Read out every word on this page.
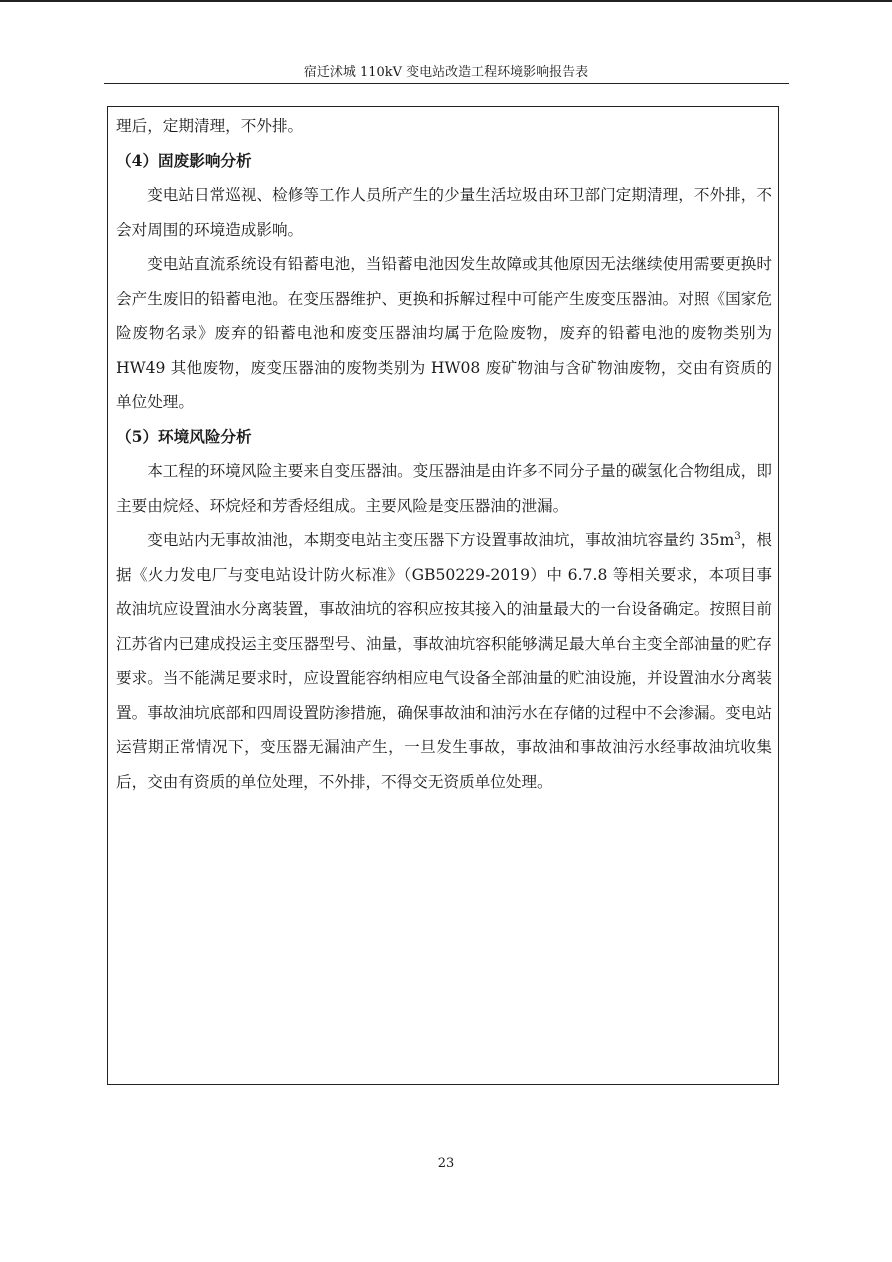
宿迁沭城 110kV 变电站改造工程环境影响报告表

理后，定期清理，不外排。

（4）固废影响分析

变电站日常巡视、检修等工作人员所产生的少量生活垃圾由环卫部门定期清理，不外排，不会对周围的环境造成影响。

变电站直流系统设有铅蓄电池，当铅蓄电池因发生故障或其他原因无法继续使用需要更换时会产生废旧的铅蓄电池。在变压器维护、更换和拆解过程中可能产生废变压器油。对照《国家危险废物名录》废弃的铅蓄电池和废变压器油均属于危险废物，废弃的铅蓄电池的废物类别为 HW49 其他废物，废变压器油的废物类别为 HW08 废矿物油与含矿物油废物，交由有资质的单位处理。

（5）环境风险分析

本工程的环境风险主要来自变压器油。变压器油是由许多不同分子量的碳氢化合物组成，即主要由烷烃、环烷烃和芳香烃组成。主要风险是变压器油的泄漏。

变电站内无事故油池，本期变电站主变压器下方设置事故油坑，事故油坑容量约 $35m^3$，根据《火力发电厂与变电站设计防火标准》（GB50229-2019）中 6.7.8 等相关要求，本项目事故油坑应设置油水分离装置，事故油坑的容积应按其接入的油量最大的一台设备确定。按照目前江苏省内已建成投运主变压器型号、油量，事故油坑容积能够满足最大单台主变全部油量的贮存要求。当不能满足要求时，应设置能容纳相应电气设备全部油量的贮油设施，并设置油水分离装置。事故油坑底部和四周设置防渗措施，确保事故油和油污水在存储的过程中不会渗漏。变电站运营期正常情况下，变压器无漏油产生，一旦发生事故，事故油和事故油污水经事故油坑收集后，交由有资质的单位处理，不外排，不得交无资质单位处理。

23
